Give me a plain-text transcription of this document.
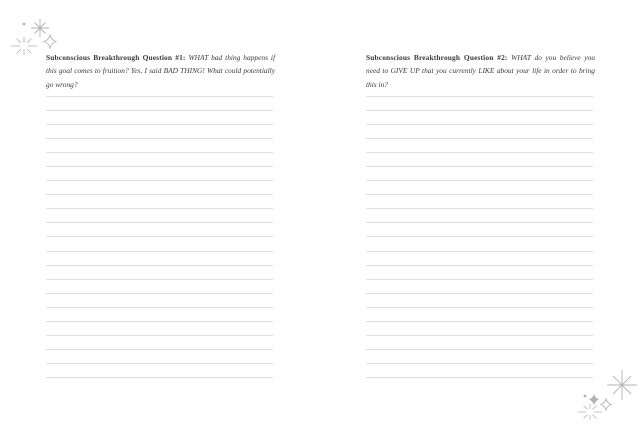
Subconscious Breakthrough Question #1: WHAT bad thing happens if this goal comes to fruition? Yes, I said BAD THING! What could potentially go wrong?
Subconscious Breakthrough Question #2: WHAT do you believe you need to GIVE UP that you currently LIKE about your life in order to bring this in?
